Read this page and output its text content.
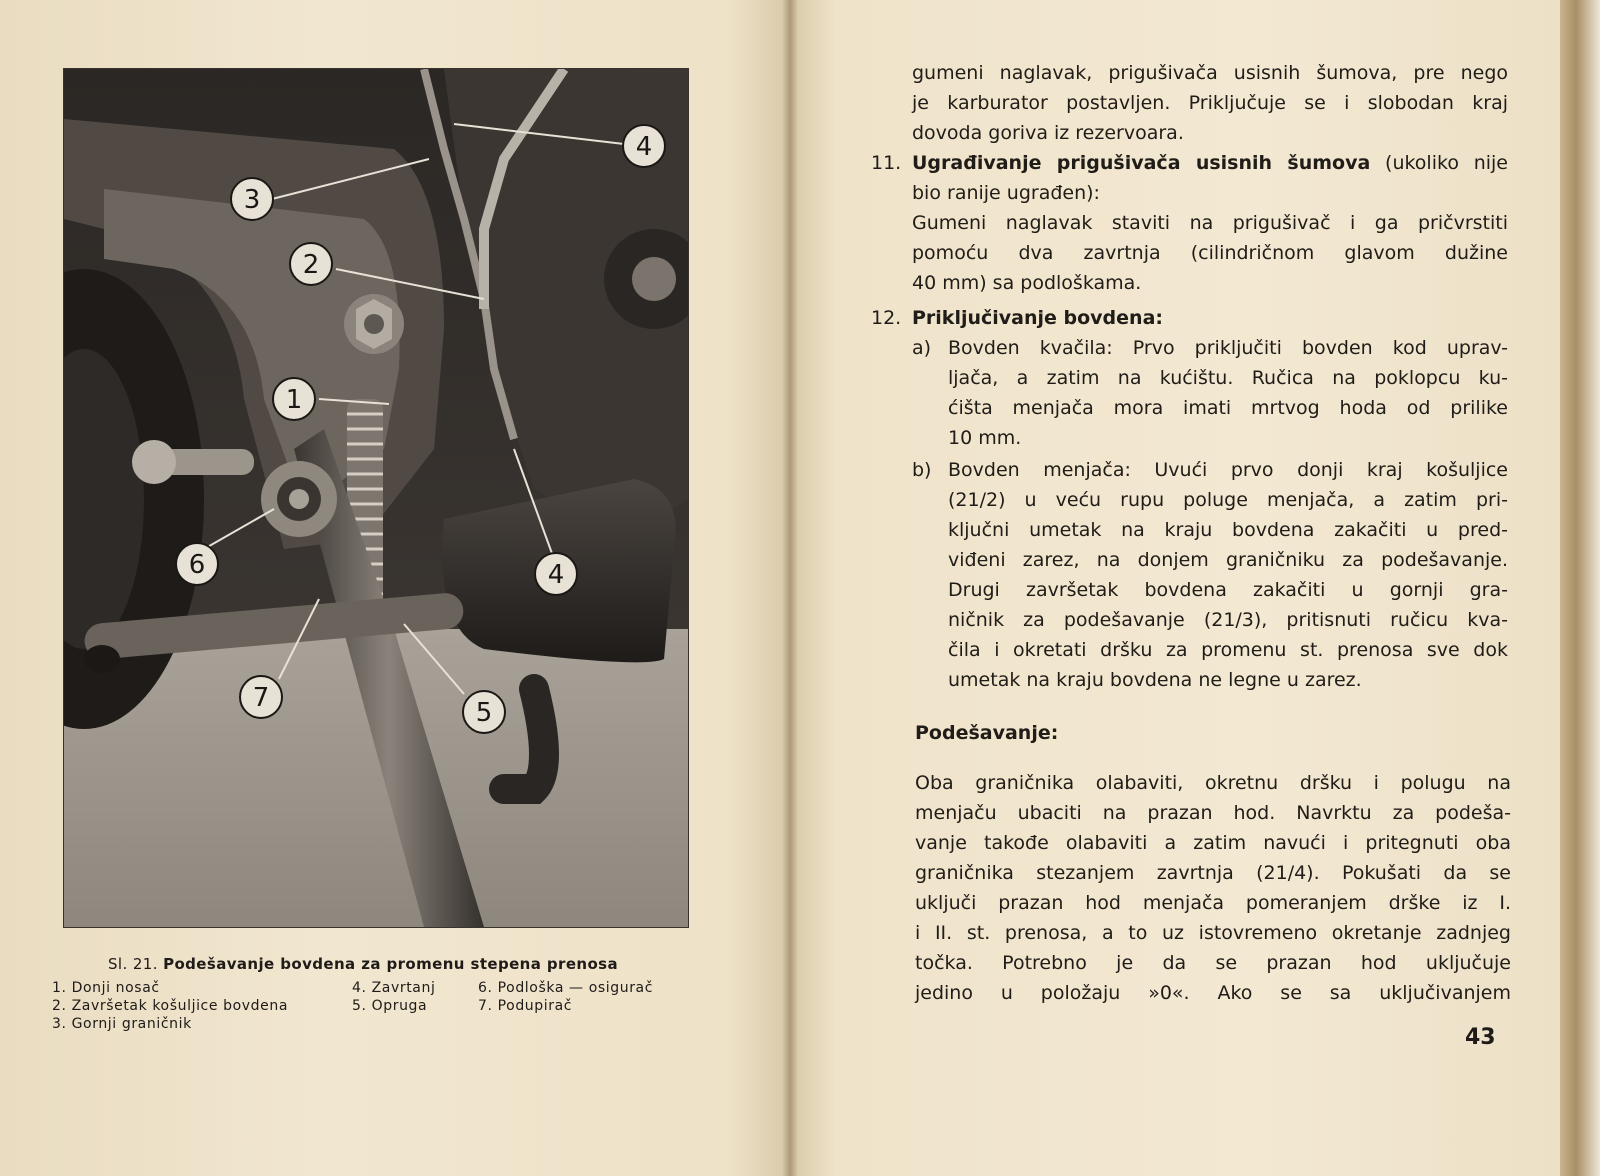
3
2
1
4
4
6
7	5
Sl. 21. Podešavanje bovdena za promenu stepena prenosa
1. Donji nosač
2. Završetak košuljice bovdena
3. Gornji graničnik
4. Zavrtanj
5. Opruga
6. Podloška — osigurač
7. Podupirač
gumeni naglavak, prigušivača usisnih šumova, pre nego
je karburator postavljen. Priključuje se i slobodan kraj
dovoda goriva iz rezervoara.
11. Ugrađivanje prigušivača usisnih šumova (ukoliko nije
bio ranije ugrađen):
Gumeni naglavak staviti na prigušivač i ga pričvrstiti
pomoću dva zavrtnja (cilindričnom glavom dužine
40 mm) sa podloškama.
12. Priključivanje bovdena:
a) Bovden kvačila: Prvo priključiti bovden kod uprav-
ljača, a zatim na kućištu. Ručica na poklopcu ku-
ćišta menjača mora imati mrtvog hoda od prilike
10 mm.
b) Bovden menjača: Uvući prvo donji kraj košuljice
(21/2) u veću rupu poluge menjača, a zatim pri-
ključni umetak na kraju bovdena zakačiti u pred-
viđeni zarez, na donjem graničniku za podešavanje.
Drugi završetak bovdena zakačiti u gornji gra-
ničnik za podešavanje (21/3), pritisnuti ručicu kva-
čila i okretati dršku za promenu st. prenosa sve dok
umetak na kraju bovdena ne legne u zarez.
Podešavanje:
Oba graničnika olabaviti, okretnu dršku i polugu na
menjaču ubaciti na prazan hod. Navrktu za podeša-
vanje takođe olabaviti a zatim navući i pritegnuti oba
graničnika stezanjem zavrtnja (21/4). Pokušati da se
uključi prazan hod menjača pomeranjem drške iz I.
i II. st. prenosa, a to uz istovremeno okretanje zadnjeg
točka. Potrebno je da se prazan hod uključuje
jedino u položaju »0«. Ako se sa uključivanjem
43
